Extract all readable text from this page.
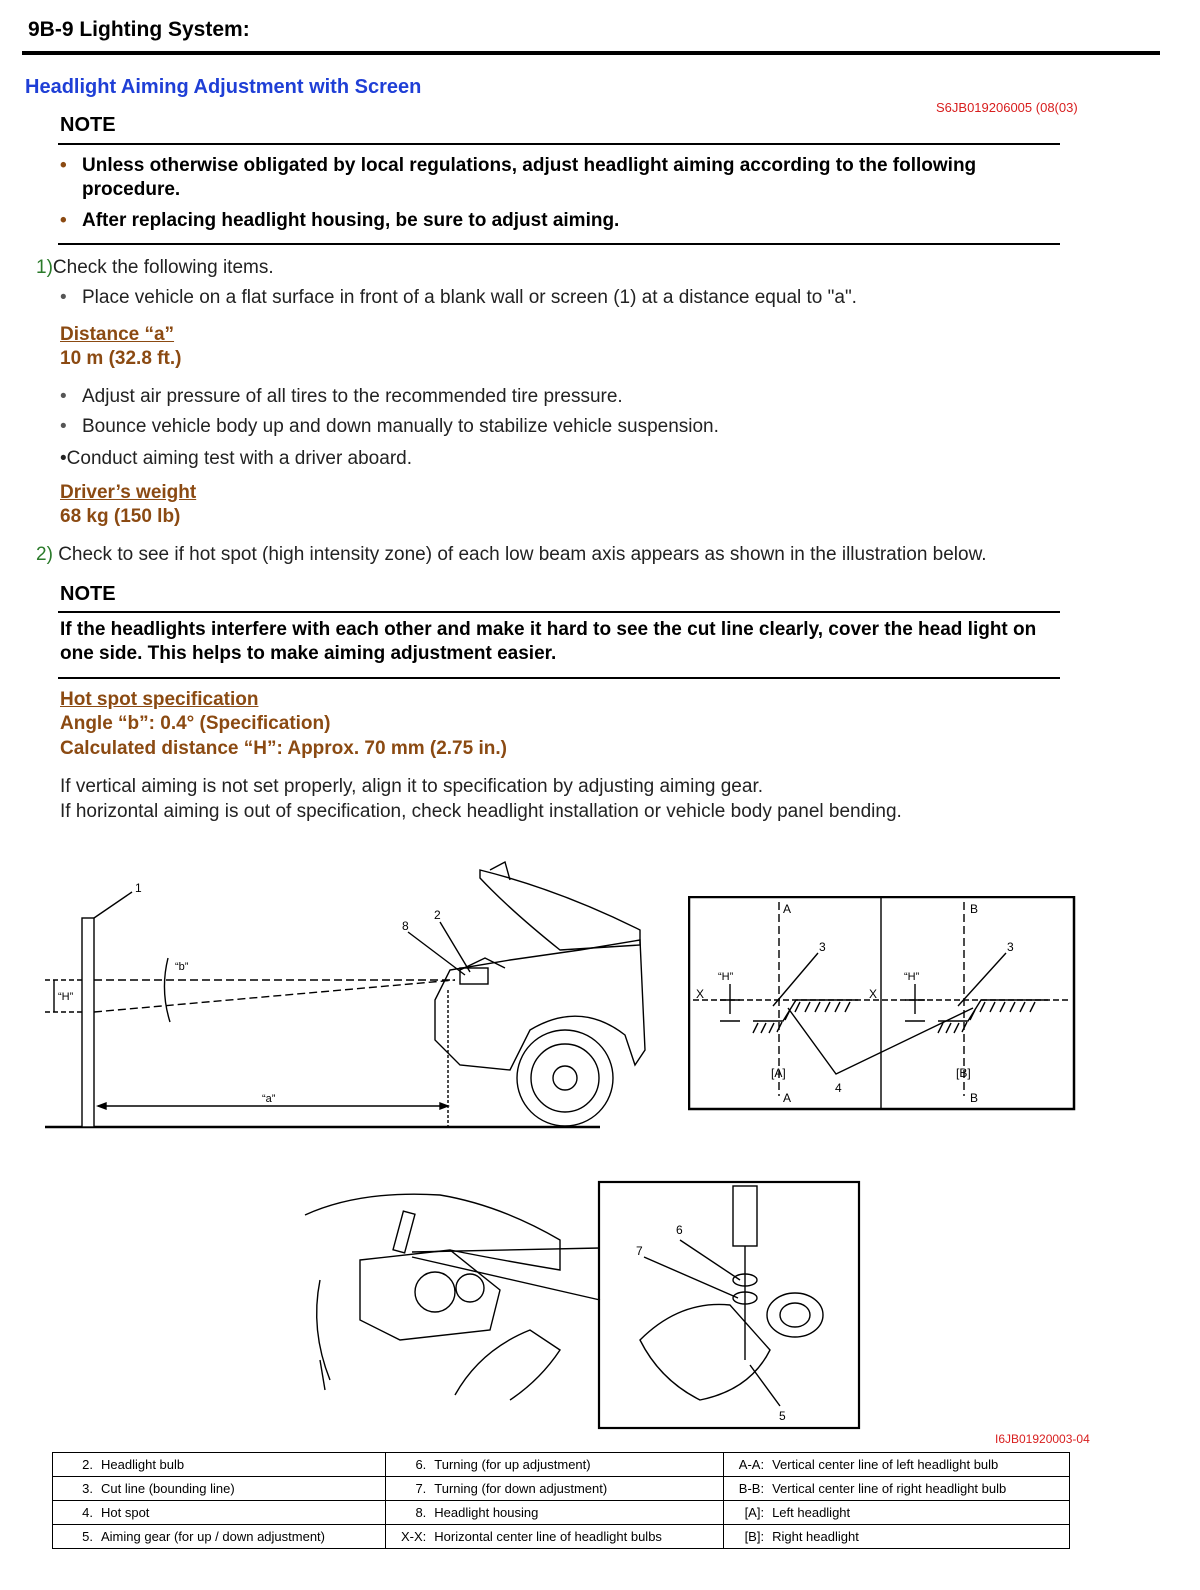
9B-9 Lighting System:
Headlight Aiming Adjustment with Screen
S6JB019206005 (08(03)
NOTE
• Unless otherwise obligated by local regulations, adjust headlight aiming according to the following procedure.
• After replacing headlight housing, be sure to adjust aiming.
1)Check the following items.
• Place vehicle on a flat surface in front of a blank wall or screen (1) at a distance equal to "a".
Distance “a”
10 m (32.8 ft.)
• Adjust air pressure of all tires to the recommended tire pressure.
• Bounce vehicle body up and down manually to stabilize vehicle suspension.
•Conduct aiming test with a driver aboard.
Driver’s weight
68 kg (150 lb)
2) Check to see if hot spot (high intensity zone) of each low beam axis appears as shown in the illustration below.
NOTE
If the headlights interfere with each other and make it hard to see the cut line clearly, cover the head light on one side. This helps to make aiming adjustment easier.
Hot spot specification
Angle “b”: 0.4° (Specification)
Calculated distance “H”: Approx. 70 mm (2.75 in.)
If vertical aiming is not set properly, align it to specification by adjusting aiming gear.
If horizontal aiming is out of specification, check headlight installation or vehicle body panel bending.
1
“H”
“b”
“a”
8
2
X	X
A
A
[A]
“H”
3
B
B
[B]
“H”
3
4
6
7
5
I6JB01920003-04
2.	Headlight bulb	6.	Turning (for up adjustment)	A-A:	Vertical center line of left headlight bulb
3.	Cut line (bounding line)	7.	Turning (for down adjustment)	B-B:	Vertical center line of right headlight bulb
4.	Hot spot	8.	Headlight housing	[A]:	Left headlight
5.	Aiming gear (for up / down adjustment)	X-X:	Horizontal center line of headlight bulbs	[B]:	Right headlight
